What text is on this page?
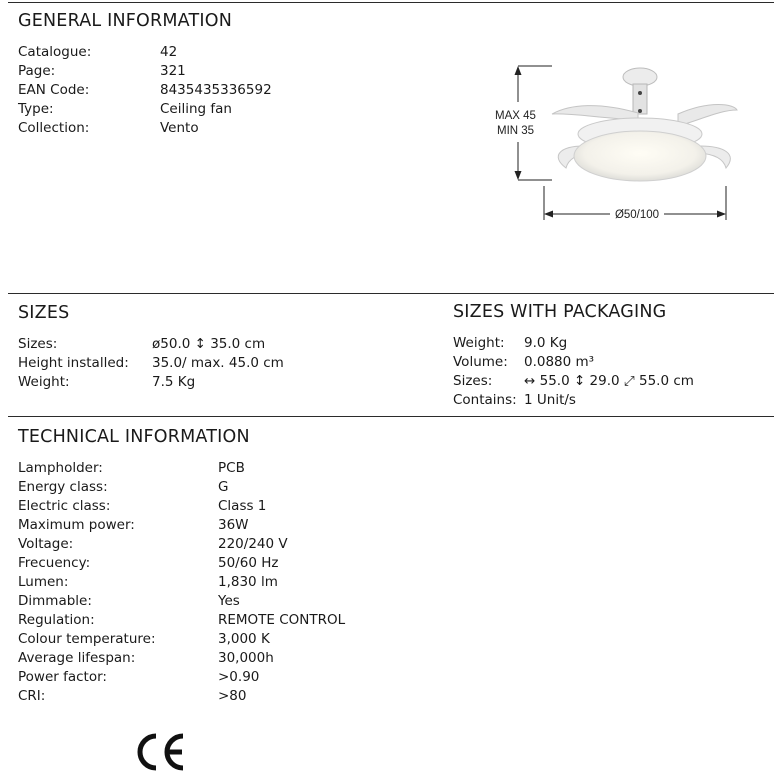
GENERAL INFORMATION
Catalogue:	42
Page:	321
EAN Code:	8435435336592
Type:	Ceiling fan
Collection:	Vento
MAX 45
MIN 35
Ø50/100
SIZES
Sizes:	ø50.0 ↕ 35.0 cm
Height installed: 35.0/ max. 45.0 cm
Weight:	7.5 Kg
SIZES WITH PACKAGING
Weight: 9.0 Kg
Volume: 0.0880 m³
Sizes: ↔ 55.0 ↕ 29.0 ⤢ 55.0 cm
Contains: 1 Unit/s
TECHNICAL INFORMATION
Lampholder:	PCB
Energy class:	G
Electric class:	Class 1
Maximum power:	36W
Voltage:	220/240 V
Frecuency:	50/60 Hz
Lumen:	1,830 lm
Dimmable:	Yes
Regulation:	REMOTE CONTROL
Colour temperature:	3,000 K
Average lifespan:	30,000h
Power factor:	>0.90
CRI:	>80
